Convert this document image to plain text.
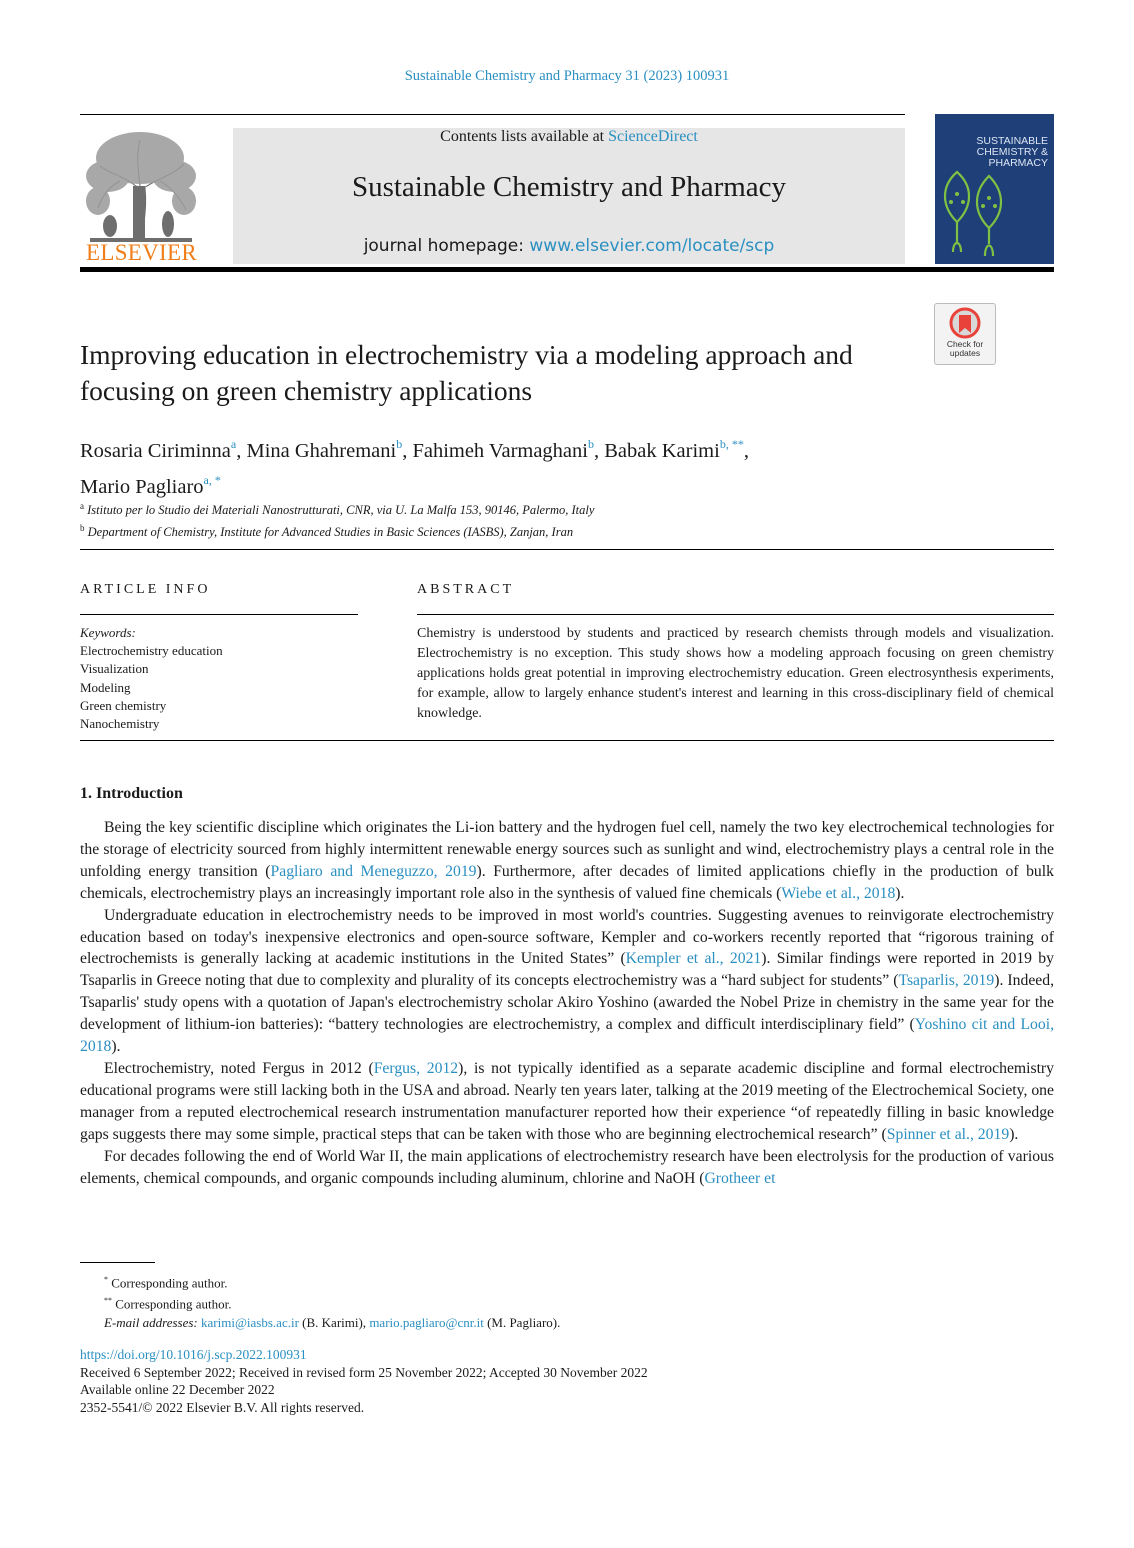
Sustainable Chemistry and Pharmacy 31 (2023) 100931
ELSEVIER
Contents lists available at ScienceDirect
Sustainable Chemistry and Pharmacy
journal homepage: www.elsevier.com/locate/scp
SUSTAINABLE CHEMISTRY & PHARMACY
Check for updates
Improving education in electrochemistry via a modeling approach and focusing on green chemistry applications
Rosaria Ciriminna$^a$, Mina Ghahremani$^b$, Fahimeh Varmaghani$^b$, Babak Karimi$^{b, **}$,
Mario Pagliaro$^{a, *}$
$^a$ Istituto per lo Studio dei Materiali Nanostrutturati, CNR, via U. La Malfa 153, 90146, Palermo, Italy
$^b$ Department of Chemistry, Institute for Advanced Studies in Basic Sciences (IASBS), Zanjan, Iran
ARTICLE INFO	ABSTRACT
Keywords:
Electrochemistry education
Visualization
Modeling
Green chemistry
Nanochemistry
Chemistry is understood by students and practiced by research chemists through models and visualization. Electrochemistry is no exception. This study shows how a modeling approach focusing on green chemistry applications holds great potential in improving electrochemistry education. Green electrosynthesis experiments, for example, allow to largely enhance student's interest and learning in this cross-disciplinary field of chemical knowledge.
1. Introduction

Being the key scientific discipline which originates the Li-ion battery and the hydrogen fuel cell, namely the two key electrochemical technologies for the storage of electricity sourced from highly intermittent renewable energy sources such as sunlight and wind, electrochemistry plays a central role in the unfolding energy transition (Pagliaro and Meneguzzo, 2019). Furthermore, after decades of limited applications chiefly in the production of bulk chemicals, electrochemistry plays an increasingly important role also in the synthesis of valued fine chemicals (Wiebe et al., 2018).

Undergraduate education in electrochemistry needs to be improved in most world's countries. Suggesting avenues to reinvigorate electrochemistry education based on today's inexpensive electronics and open-source software, Kempler and co-workers recently reported that “rigorous training of electrochemists is generally lacking at academic institutions in the United States” (Kempler et al., 2021). Similar findings were reported in 2019 by Tsaparlis in Greece noting that due to complexity and plurality of its concepts electrochemistry was a “hard subject for students” (Tsaparlis, 2019). Indeed, Tsaparlis' study opens with a quotation of Japan's electrochemistry scholar Akiro Yoshino (awarded the Nobel Prize in chemistry in the same year for the development of lithium-ion batteries): “battery technologies are electrochemistry, a complex and difficult interdisciplinary field” (Yoshino cit and Looi, 2018).

Electrochemistry, noted Fergus in 2012 (Fergus, 2012), is not typically identified as a separate academic discipline and formal electrochemistry educational programs were still lacking both in the USA and abroad. Nearly ten years later, talking at the 2019 meeting of the Electrochemical Society, one manager from a reputed electrochemical research instrumentation manufacturer reported how their experience “of repeatedly filling in basic knowledge gaps suggests there may some simple, practical steps that can be taken with those who are beginning electrochemical research” (Spinner et al., 2019).

For decades following the end of World War II, the main applications of electrochemistry research have been electrolysis for the production of various elements, chemical compounds, and organic compounds including aluminum, chlorine and NaOH (Grotheer et

* Corresponding author.
** Corresponding author.
E-mail addresses: karimi@iasbs.ac.ir (B. Karimi), mario.pagliaro@cnr.it (M. Pagliaro).
https://doi.org/10.1016/j.scp.2022.100931
Received 6 September 2022; Received in revised form 25 November 2022; Accepted 30 November 2022
Available online 22 December 2022
2352-5541/© 2022 Elsevier B.V. All rights reserved.
